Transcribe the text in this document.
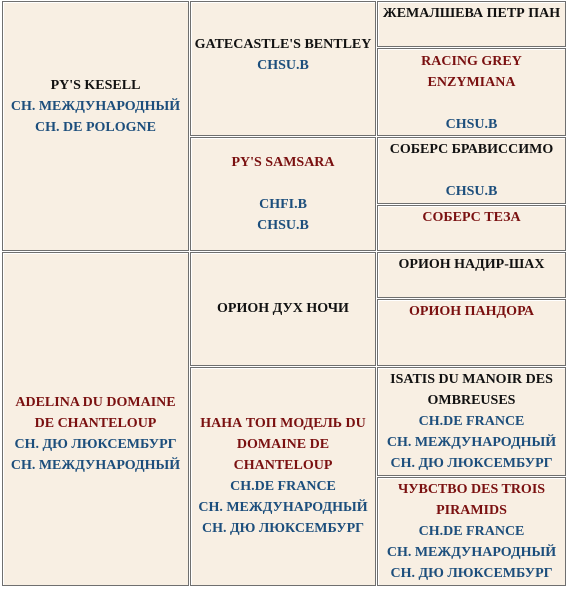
PY'S KESELL
СН. МЕЖДУНАРОДНЫЙ
CH. DE POLOGNE
ADELINA DU DOMAINE DE CHANTELOUP
СН. ДЮ ЛЮКСЕМБУРГ
СН. МЕЖДУНАРОДНЫЙ
GATECASTLE'S BENTLEY
CHSU.B
PY'S SAMSARA
CHFI.B
CHSU.B
ОРИОН ДУХ НОЧИ
НАНА ТОП МОДЕЛЬ DU DOMAINE DE CHANTELOUP
CH.DE FRANCE
СН. МЕЖДУНАРОДНЫЙ
СН. ДЮ ЛЮКСЕМБУРГ
ЖЕМАЛШЕВА ПЕТР ПАН
RACING GREY ENZYMIANA
CHSU.B
СОБЕРС БРАВИССИМО
CHSU.B
СОБЕРС ТЕЗА
ОРИОН НАДИР-ШАХ
ОРИОН ПАНДОРА
ISATIS DU MANOIR DES OMBREUSES
CH.DE FRANCE
СН. МЕЖДУНАРОДНЫЙ
СН. ДЮ ЛЮКСЕМБУРГ
ЧУВСТВО DES TROIS PIRAMIDS
CH.DE FRANCE
СН. МЕЖДУНАРОДНЫЙ
СН. ДЮ ЛЮКСЕМБУРГ
